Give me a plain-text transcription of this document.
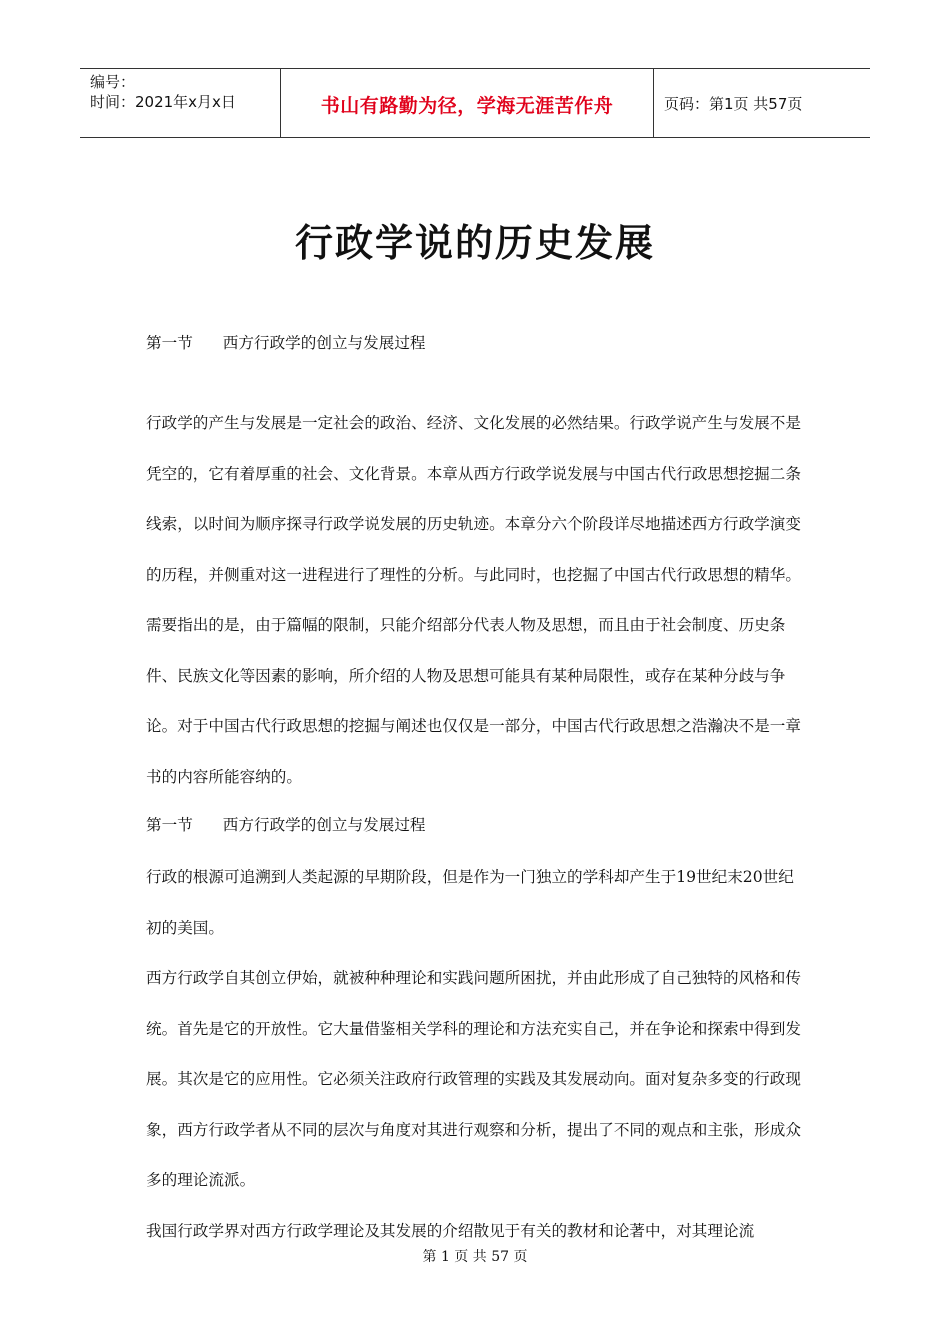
编号：
时间：2021年x月x日	书山有路勤为径，学海无涯苦作舟	页码：第1页 共57页
行政学说的历史发展
第一节 西方行政学的创立与发展过程

行政学的产生与发展是一定社会的政治、经济、文化发展的必然结果。行政学说产生与发展不是凭空的，它有着厚重的社会、文化背景。本章从西方行政学说发展与中国古代行政思想挖掘二条线索，以时间为顺序探寻行政学说发展的历史轨迹。本章分六个阶段详尽地描述西方行政学演变的历程，并侧重对这一进程进行了理性的分析。与此同时，也挖掘了中国古代行政思想的精华。需要指出的是，由于篇幅的限制，只能介绍部分代表人物及思想，而且由于社会制度、历史条件、民族文化等因素的影响，所介绍的人物及思想可能具有某种局限性，或存在某种分歧与争论。对于中国古代行政思想的挖掘与阐述也仅仅是一部分，中国古代行政思想之浩瀚决不是一章书的内容所能容纳的。

第一节 西方行政学的创立与发展过程

行政的根源可追溯到人类起源的早期阶段，但是作为一门独立的学科却产生于19世纪末20世纪初的美国。

西方行政学自其创立伊始，就被种种理论和实践问题所困扰，并由此形成了自己独特的风格和传统。首先是它的开放性。它大量借鉴相关学科的理论和方法充实自己，并在争论和探索中得到发展。其次是它的应用性。它必须关注政府行政管理的实践及其发展动向。面对复杂多变的行政现象，西方行政学者从不同的层次与角度对其进行观察和分析，提出了不同的观点和主张，形成众多的理论流派。

我国行政学界对西方行政学理论及其发展的介绍散见于有关的教材和论著中，对其理论流

第 1 页 共 57 页
